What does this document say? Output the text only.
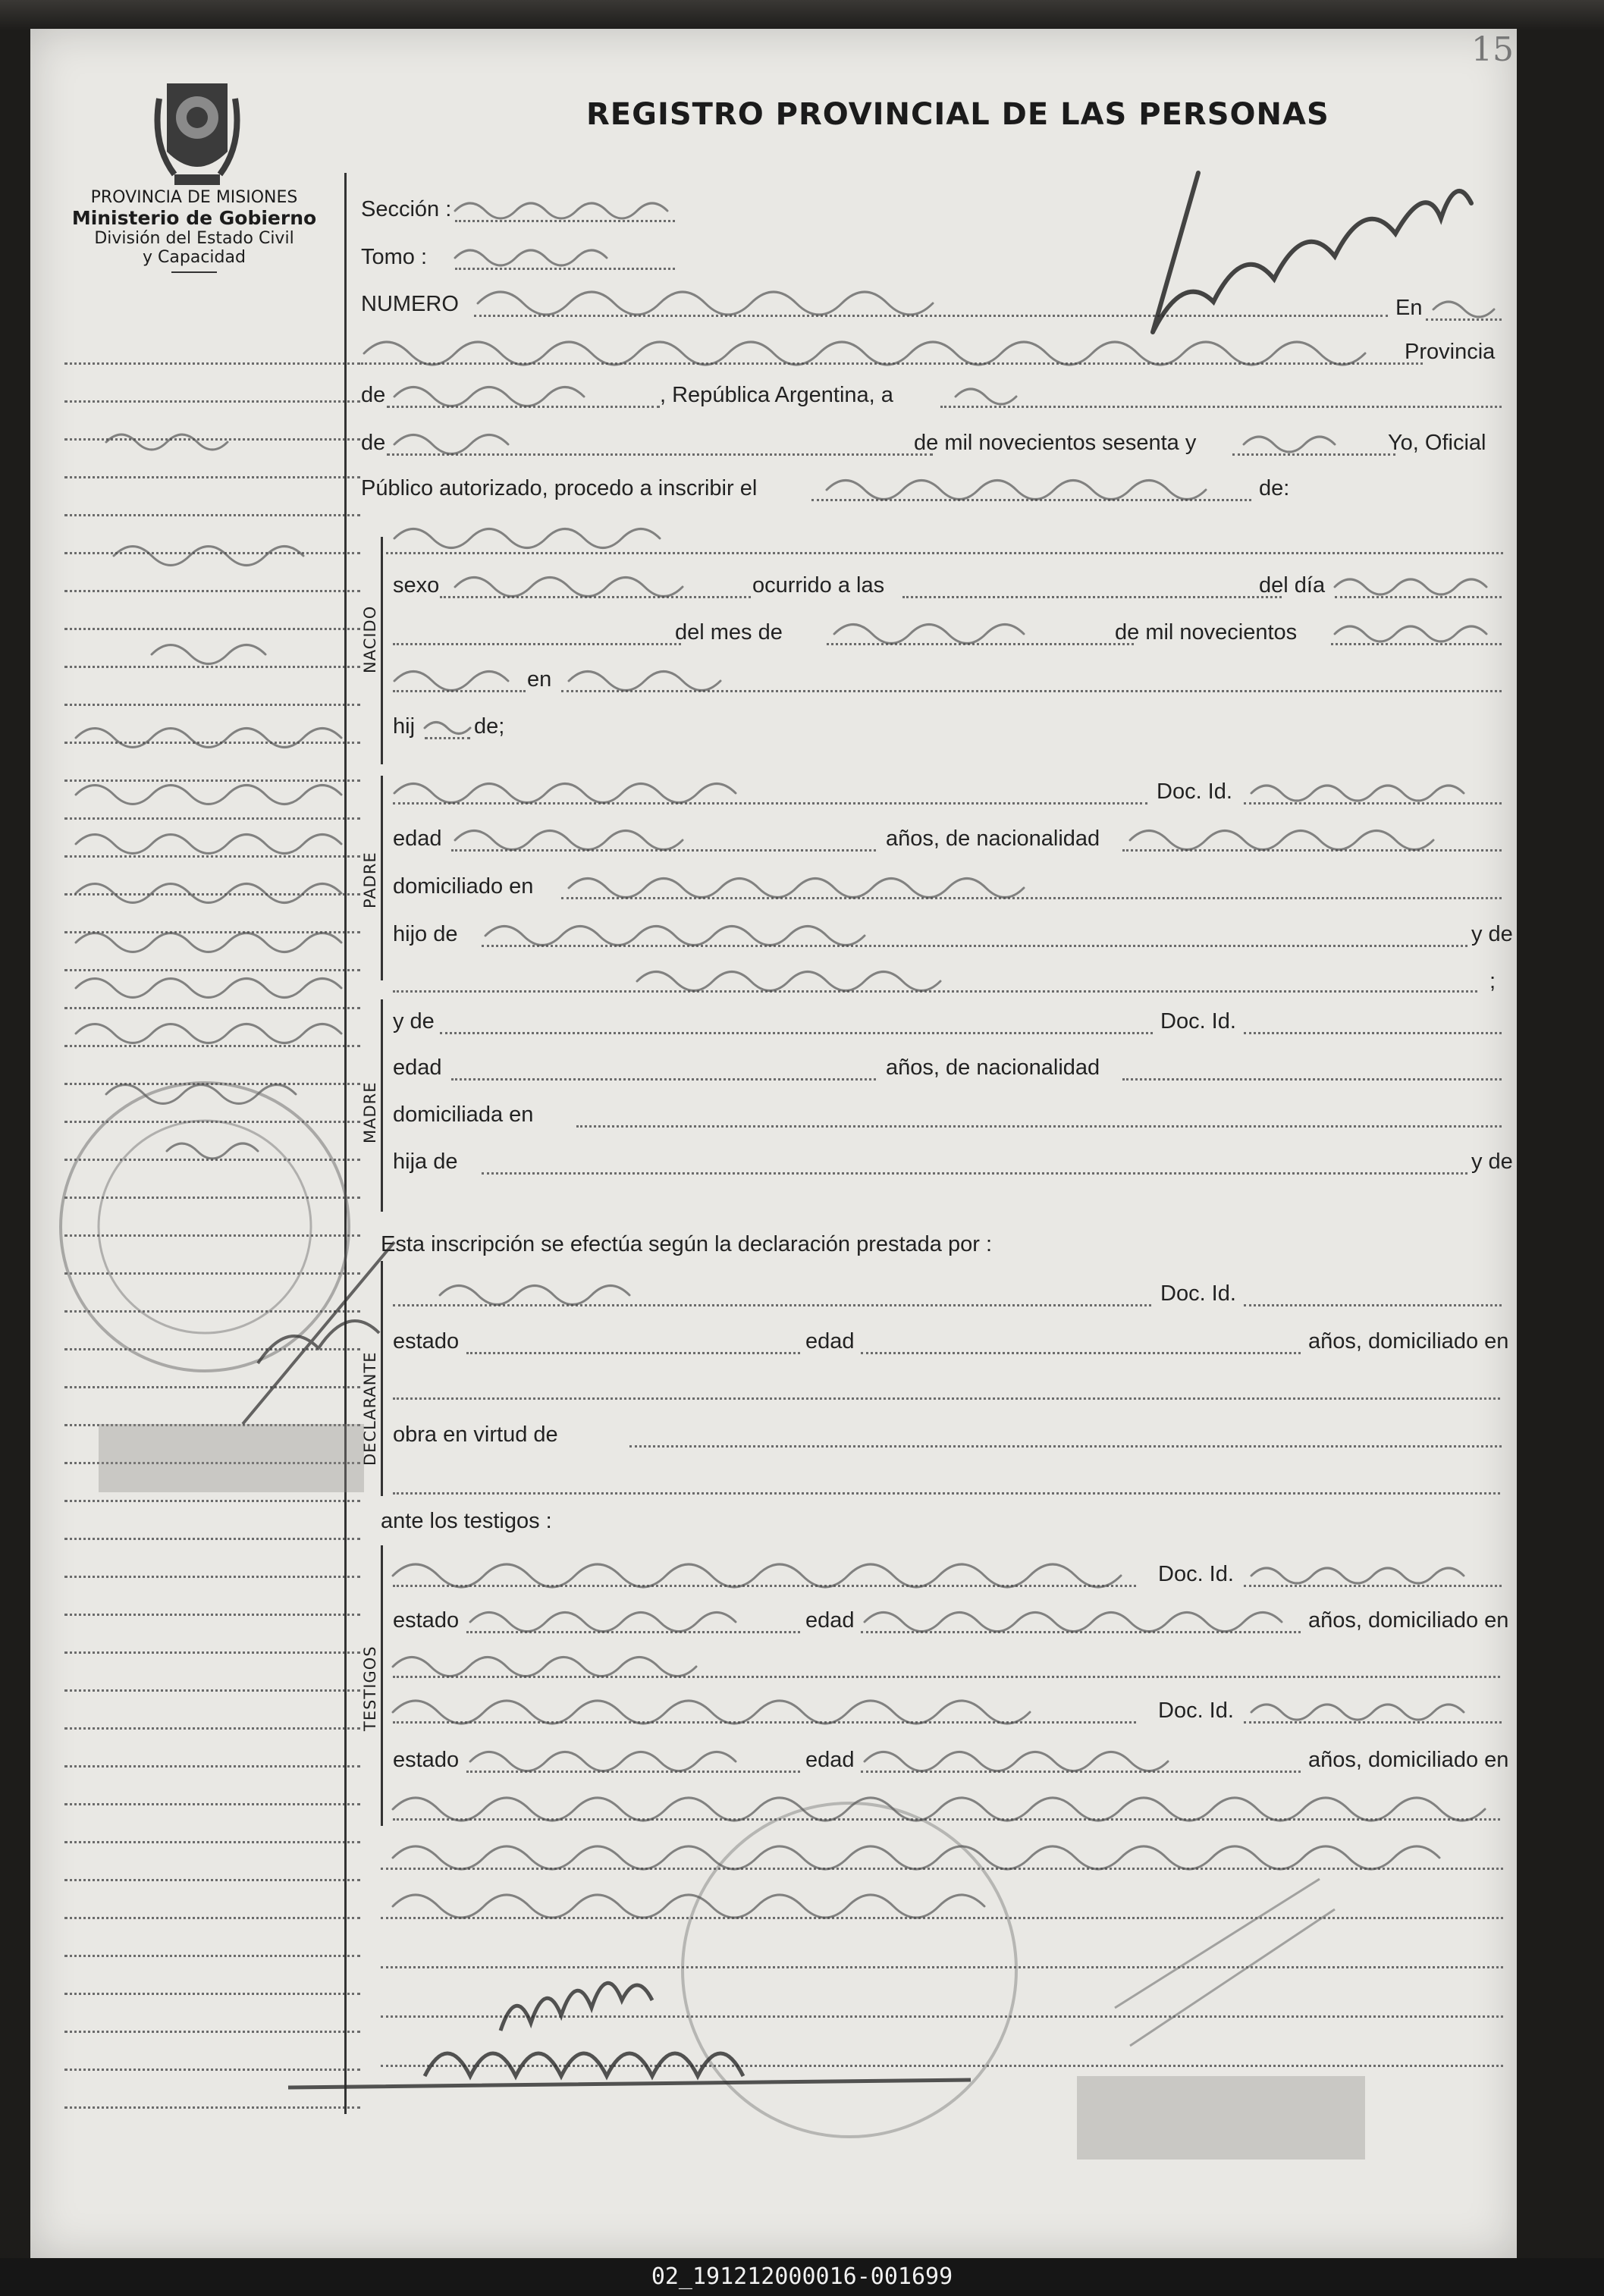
15
PROVINCIA DE MISIONES
Ministerio de Gobierno
División del Estado Civil
y Capacidad
REGISTRO PROVINCIAL DE LAS PERSONAS
Sección :
Tomo :
NUMERO	En
Provincia
de	, República Argentina, a
de	de mil novecientos sesenta y	Yo, Oficial
Público autorizado, procedo a inscribir el	de:
NACIDO
sexo	ocurrido a las	del día
del mes de	de mil novecientos
en
hij	de;
PADRE
Doc. Id.
edad	años, de nacionalidad
domiciliado en
hijo de	y de
;
MADRE
y de	Doc. Id.
edad	años, de nacionalidad
domiciliada en
hija de	y de
Esta inscripción se efectúa según la declaración prestada por :
DECLARANTE
Doc. Id.
estado	edad	años, domiciliado en
obra en virtud de
ante los testigos :
TESTIGOS
Doc. Id.
estado	edad	años, domiciliado en
Doc. Id.
estado	edad	años, domiciliado en
02_191212000016-001699
